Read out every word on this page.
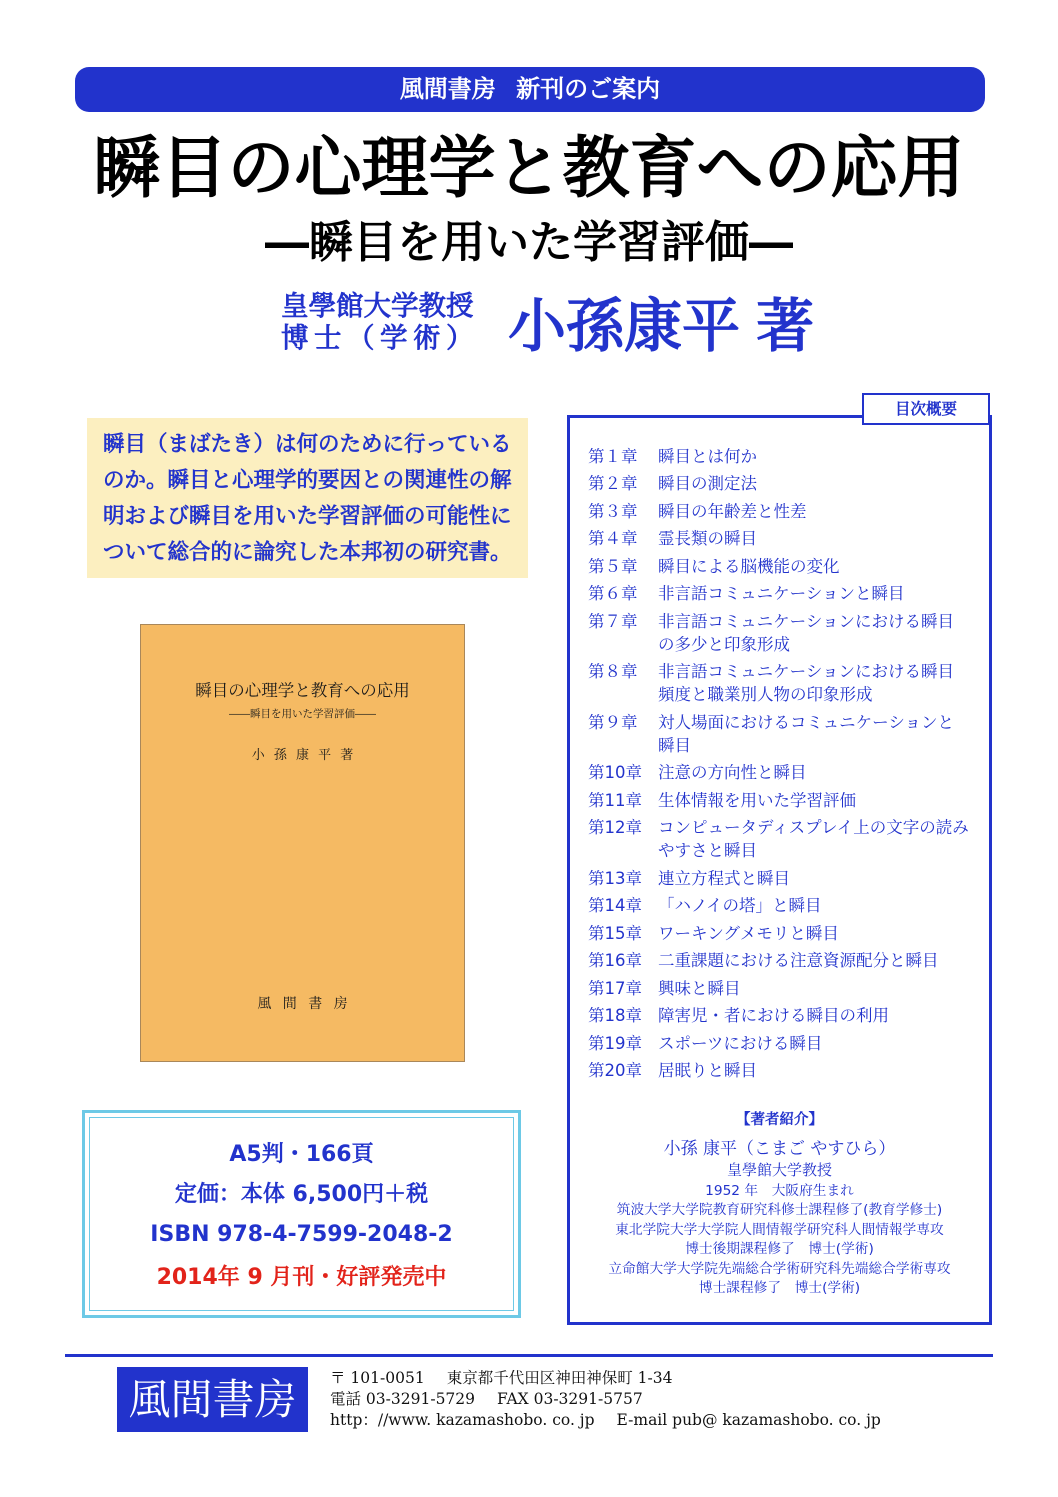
風間書房 新刊のご案内
瞬目の心理学と教育への応用
―瞬目を用いた学習評価―
皇學館大学教授
博士（学術） 小孫康平 著
瞬目（まばたき）は何のために行っている
のか。瞬目と心理学的要因との関連性の解
明および瞬目を用いた学習評価の可能性に
ついて総合的に論究した本邦初の研究書。
瞬目の心理学と教育への応用
――瞬目を用いた学習評価――
小 孫 康 平 著
風 間 書 房
A5判・166頁
定価：本体 6,500円＋税
ISBN 978-4-7599-2048-2
2014年 9 月刊・好評発売中
目次概要
第１章	瞬目とは何か
第２章	瞬目の測定法
第３章	瞬目の年齢差と性差
第４章	霊長類の瞬目
第５章	瞬目による脳機能の変化
第６章	非言語コミュニケーションと瞬目
第７章	非言語コミュニケーションにおける瞬目
の多少と印象形成
第８章	非言語コミュニケーションにおける瞬目
頻度と職業別人物の印象形成
第９章	対人場面におけるコミュニケーションと
瞬目
第10章 注意の方向性と瞬目
第11章 生体情報を用いた学習評価
第12章 コンピュータディスプレイ上の文字の読み
やすさと瞬目
第13章 連立方程式と瞬目
第14章 「ハノイの塔」と瞬目
第15章 ワーキングメモリと瞬目
第16章 二重課題における注意資源配分と瞬目
第17章 興味と瞬目
第18章 障害児・者における瞬目の利用
第19章 スポーツにおける瞬目
第20章 居眠りと瞬目
【著者紹介】
小孫 康平（こまご やすひら）
皇學館大学教授
1952 年　大阪府生まれ
筑波大学大学院教育研究科修士課程修了(教育学修士)
東北学院大学大学院人間情報学研究科人間情報学専攻
博士後期課程修了　博士(学術)
立命館大学大学院先端総合学術研究科先端総合学術専攻
博士課程修了　博士(学術)
風間書房	〒 101-0051 東京都千代田区神田神保町 1-34
電話 03-3291-5729 FAX 03-3291-5757
http：//www. kazamashobo. co. jp E-mail pub@ kazamashobo. co. jp
